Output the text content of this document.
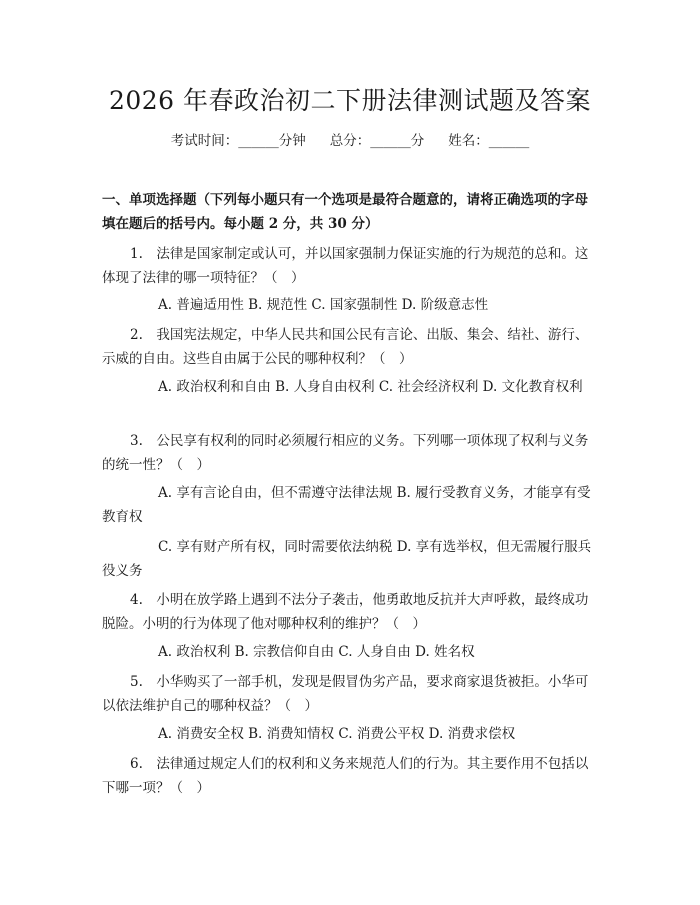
2026 年春政治初二下册法律测试题及答案
考试时间：______分钟 总分：______分 姓名：______

一、单项选择题（下列每小题只有一个选项是最符合题意的，请将正确选项的字母填在题后的括号内。每小题 2 分，共 30 分）

1.　法律是国家制定或认可，并以国家强制力保证实施的行为规范的总和。这体现了法律的哪一项特征？（　）

A. 普遍适用性 B. 规范性 C. 国家强制性 D. 阶级意志性

2.　我国宪法规定，中华人民共和国公民有言论、出版、集会、结社、游行、示威的自由。这些自由属于公民的哪种权利？（　）

A. 政治权利和自由 B. 人身自由权利 C. 社会经济权利 D. 文化教育权利

3.　公民享有权利的同时必须履行相应的义务。下列哪一项体现了权利与义务的统一性？（　）

A. 享有言论自由，但不需遵守法律法规 B. 履行受教育义务，才能享有受教育权

C. 享有财产所有权，同时需要依法纳税 D. 享有选举权，但无需履行服兵役义务

4.　小明在放学路上遇到不法分子袭击，他勇敢地反抗并大声呼救，最终成功脱险。小明的行为体现了他对哪种权利的维护？（　）

A. 政治权利 B. 宗教信仰自由 C. 人身自由 D. 姓名权

5.　小华购买了一部手机，发现是假冒伪劣产品，要求商家退货被拒。小华可以依法维护自己的哪种权益？（　）

A. 消费安全权 B. 消费知情权 C. 消费公平权 D. 消费求偿权

6.　法律通过规定人们的权利和义务来规范人们的行为。其主要作用不包括以下哪一项？（　）
